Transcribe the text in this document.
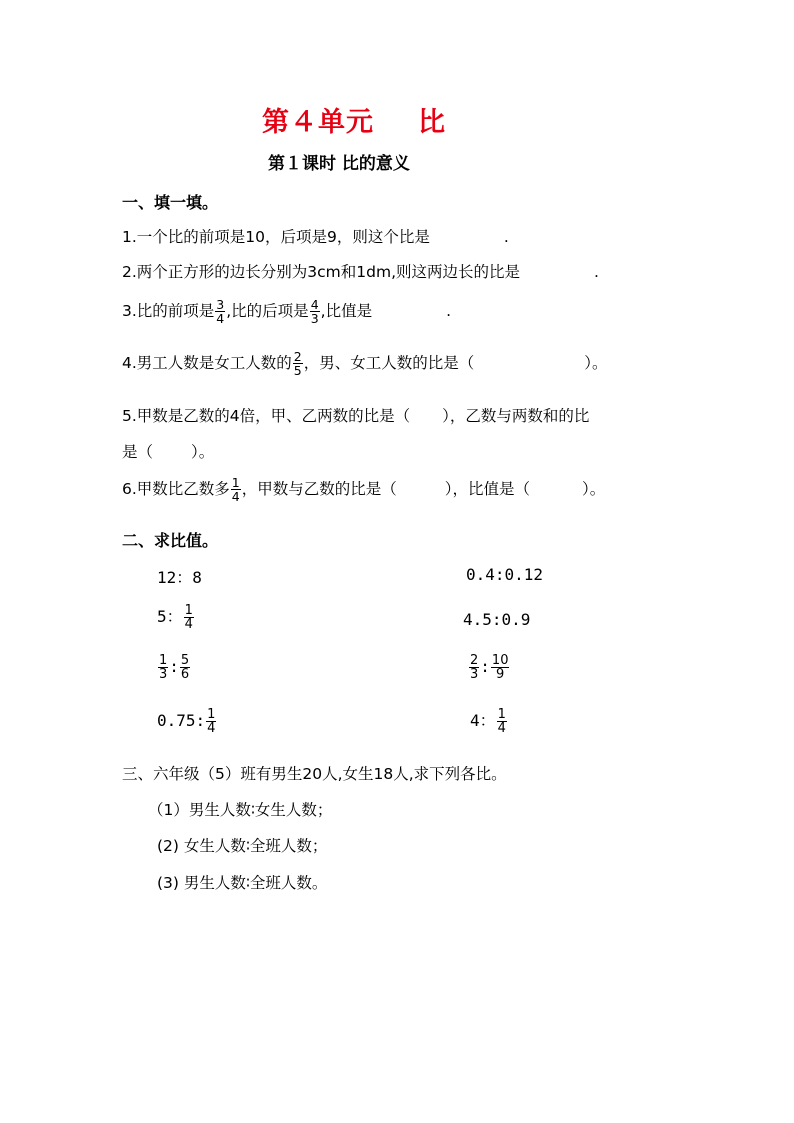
第４单元 比
第１课时 比的意义
一、填一填。
1.一个比的前项是10，后项是9，则这个比是	.
2.两个正方形的边长分别为3cm和1dm,则这两边长的比是	.
3.比的前项是 $\frac{3}{4}$ ,比的后项是 $\frac{4}{3}$ ,比值是	.
4.男工人数是女工人数的 $\frac{2}{5}$ ，男、女工人数的比是（	）。
5.甲数是乙数的4倍，甲、乙两数的比是（ ），乙数与两数和的比
是（ ）。
6.甲数比乙数多 $\frac{1}{4}$ ，甲数与乙数的比是（	），比值是（	）。
二、求比值。
12：8	0.4:0.12
5： $\frac{1}{4}$	4.5:0.9
$\frac{1}{3}$ : $\frac{5}{6}$	$\frac{2}{3}$ : $\frac{10}{9}$
0.75: $\frac{1}{4}$	4： $\frac{1}{4}$
三、六年级（5）班有男生20人,女生18人,求下列各比。
（1）男生人数∶女生人数；
(2) 女生人数∶全班人数；
(3) 男生人数∶全班人数。
